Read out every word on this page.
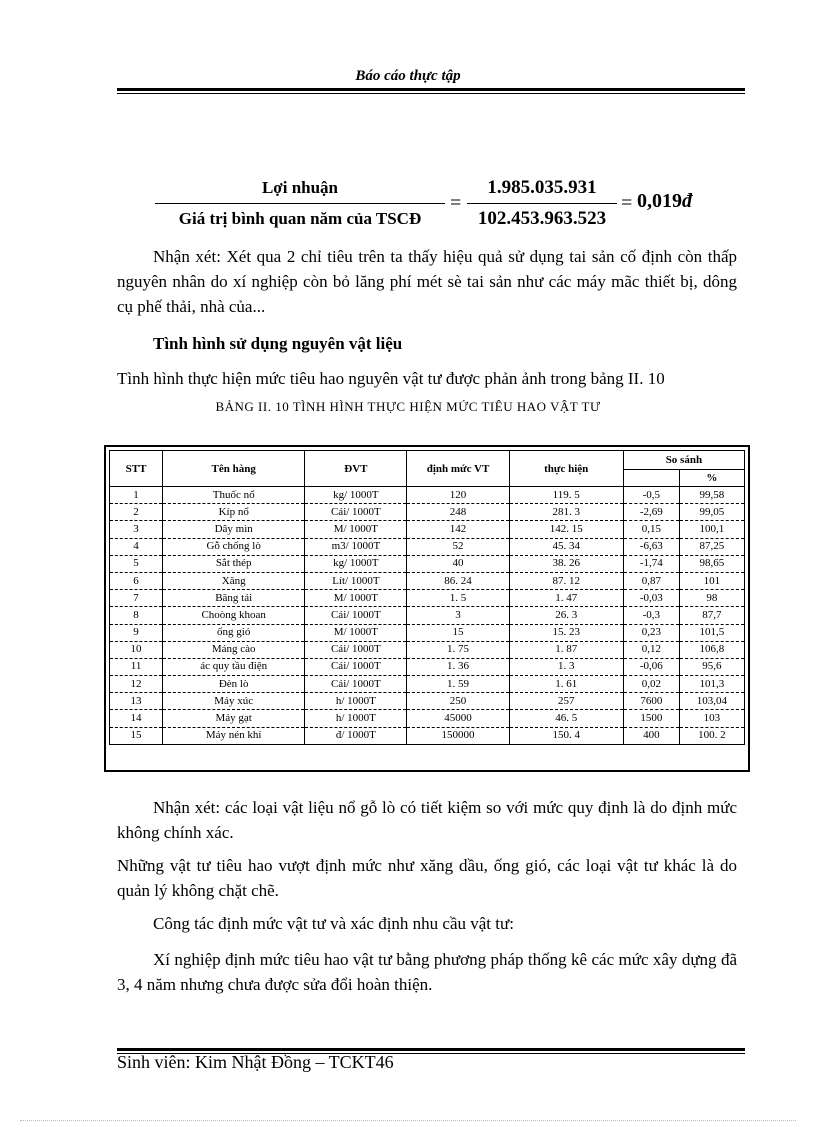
Báo cáo thực tập
Lợi nhuận
Giá trị bình quan năm của TSCĐ
=
1.985.035.931
102.453.963.523
= 0,019đ
Nhận xét: Xét qua 2 chỉ tiêu trên ta thấy hiệu quả sử dụng tai sản cố định còn thấp nguyên nhân do xí nghiệp còn bỏ lăng phí mét sè tai sản như các máy mãc thiết bị, dông cụ phế thải, nhà của...
Tình hình sử dụng nguyên vật liệu
Tình hình thực hiện mức tiêu hao nguyên vật tư được phản ảnh trong bảng II. 10
BẢNG II. 10 TÌNH HÌNH THỰC HIỆN MỨC TIÊU HAO VẬT TƯ
STT	Tên hàng	ĐVT	định mức VT	thực hiện	So sánh	
						%
1	Thuốc nổ	kg/ 1000T	120	119. 5	-0,5	99,58
2	Kíp nổ	Cái/ 1000T	248	281. 3	-2,69	99,05
3	Dây mìn	M/ 1000T	142	142. 15	0,15	100,1
4	Gỗ chống lò	m3/ 1000T	52	45. 34	-6,63	87,25
5	Sắt thép	kg/ 1000T	40	38. 26	-1,74	98,65
6	Xăng	Lít/ 1000T	86. 24	87. 12	0,87	101
7	Băng tải	M/ 1000T	1. 5	1. 47	-0,03	98
8	Choòng khoan	Cái/ 1000T	3	26. 3	-0,3	87,7
9	ống gió	M/ 1000T	15	15. 23	0,23	101,5
10	Máng cào	Cái/ 1000T	1. 75	1. 87	0,12	106,8
11	ác quy tầu điện	Cái/ 1000T	1. 36	1. 3	-0,06	95,6
12	Đèn lò	Cái/ 1000T	1. 59	1. 61	0,02	101,3
13	Máy xúc	h/ 1000T	250	257	7600	103,04
14	Máy gạt	h/ 1000T	45000	46. 5	1500	103
15	Máy nén khí	đ/ 1000T	150000	150. 4	400	100. 2
Nhận xét: các loại vật liệu nổ gỗ lò có tiết kiệm so với mức quy định là do định mức không chính xác.
Những vật tư tiêu hao vượt định mức như xăng dầu, ống gió, các loại vật tư khác là do quản lý không chặt chẽ.
Công tác định mức vật tư và xác định nhu cầu vật tư:
Xí nghiệp định mức tiêu hao vật tư bằng phương pháp thống kê các mức xây dựng đã 3, 4 năm nhưng chưa được sửa đổi hoàn thiện.
Sinh viên: Kim Nhật Đồng – TCKT46
